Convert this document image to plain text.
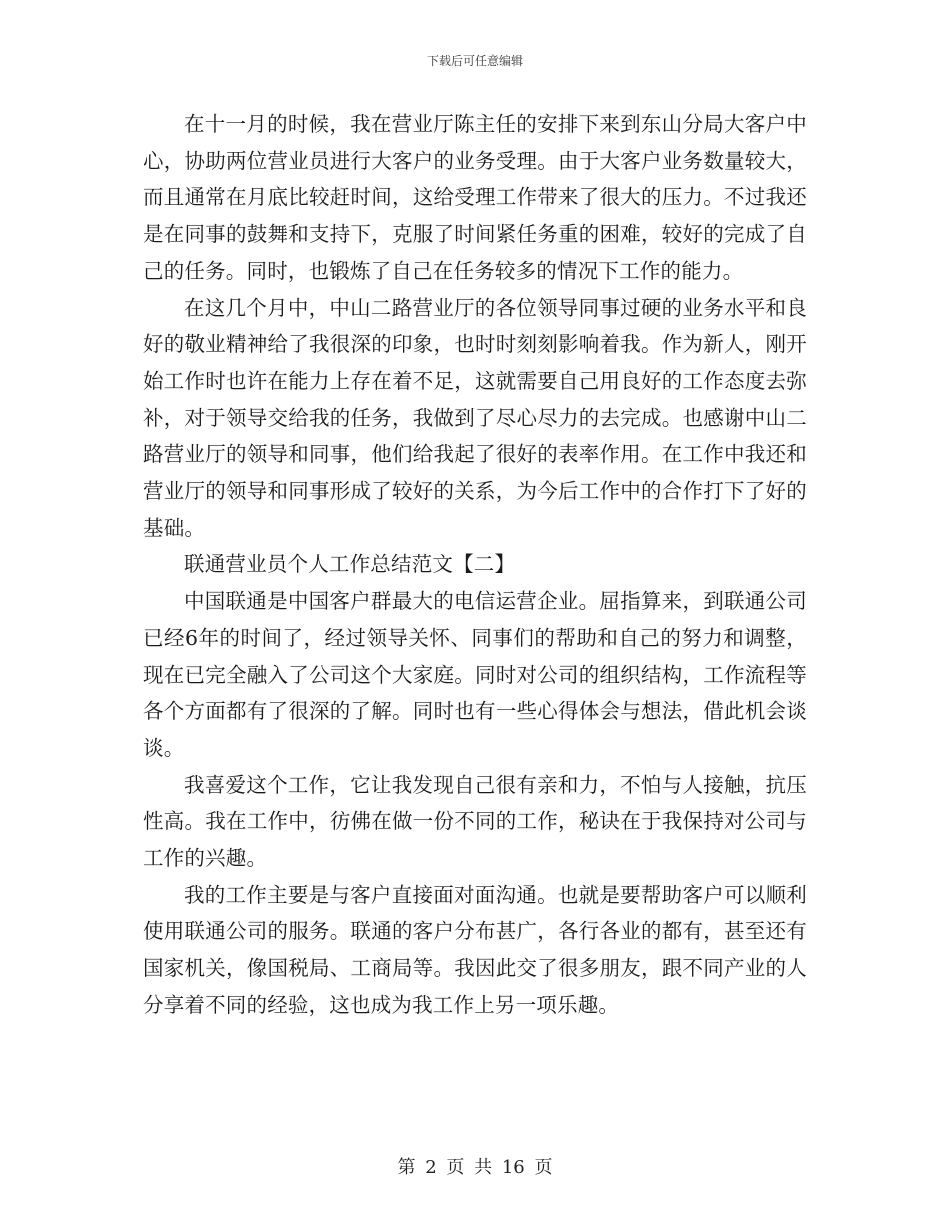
下载后可任意编辑

在十一月的时候，我在营业厅陈主任的安排下来到东山分局大客户中心，协助两位营业员进行大客户的业务受理。由于大客户业务数量较大，而且通常在月底比较赶时间，这给受理工作带来了很大的压力。不过我还是在同事的鼓舞和支持下，克服了时间紧任务重的困难，较好的完成了自己的任务。同时，也锻炼了自己在任务较多的情况下工作的能力。

在这几个月中，中山二路营业厅的各位领导同事过硬的业务水平和良好的敬业精神给了我很深的印象，也时时刻刻影响着我。作为新人，刚开始工作时也许在能力上存在着不足，这就需要自己用良好的工作态度去弥补，对于领导交给我的任务，我做到了尽心尽力的去完成。也感谢中山二路营业厅的领导和同事，他们给我起了很好的表率作用。在工作中我还和营业厅的领导和同事形成了较好的关系，为今后工作中的合作打下了好的基础。

联通营业员个人工作总结范文【二】

中国联通是中国客户群最大的电信运营企业。屈指算来，到联通公司已经6年的时间了，经过领导关怀、同事们的帮助和自己的努力和调整，现在已完全融入了公司这个大家庭。同时对公司的组织结构，工作流程等各个方面都有了很深的了解。同时也有一些心得体会与想法，借此机会谈谈。

我喜爱这个工作，它让我发现自己很有亲和力，不怕与人接触，抗压性高。我在工作中，彷佛在做一份不同的工作，秘诀在于我保持对公司与工作的兴趣。

我的工作主要是与客户直接面对面沟通。也就是要帮助客户可以顺利使用联通公司的服务。联通的客户分布甚广，各行各业的都有，甚至还有国家机关，像国税局、工商局等。我因此交了很多朋友，跟不同产业的人分享着不同的经验，这也成为我工作上另一项乐趣。

第 2 页 共 16 页
